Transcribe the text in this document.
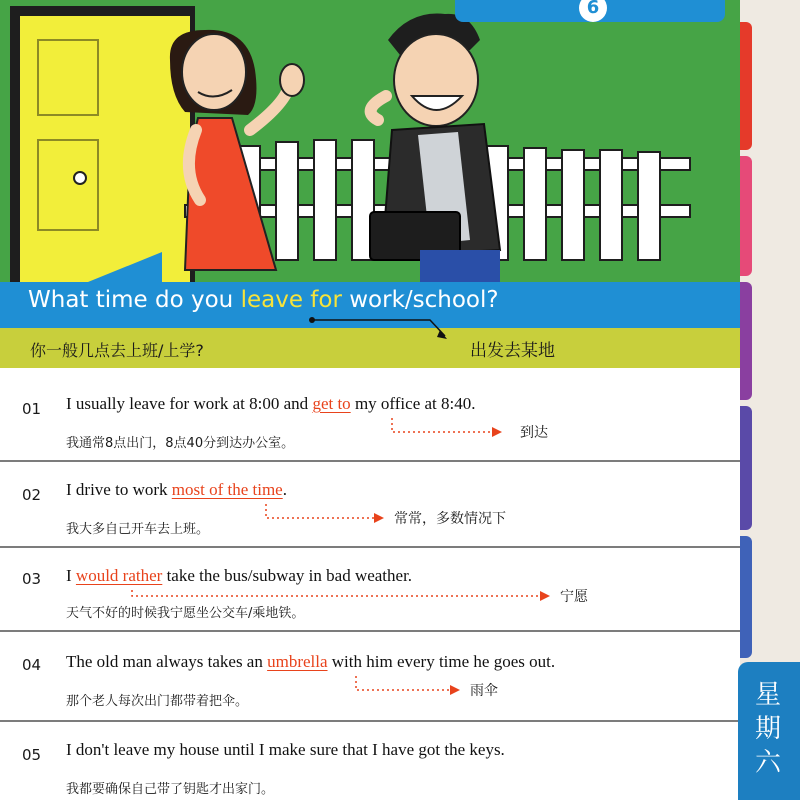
6
What time do you leave for work/school?
你一般几点去上班/上学?	出发去某地
01 I usually leave for work at 8:00 and get to my office at 8:40.
我通常8点出门，8点40分到达办公室。
到达
02 I drive to work most of the time.
我大多自己开车去上班。
常常，多数情况下
03 I would rather take the bus/subway in bad weather.
天气不好的时候我宁愿坐公交车/乘地铁。
宁愿
04 The old man always takes an umbrella with him every time he goes out.
那个老人每次出门都带着把伞。
雨伞
05 I don't leave my house until I make sure that I have got the keys.
我都要确保自己带了钥匙才出家门。
星
期
六
